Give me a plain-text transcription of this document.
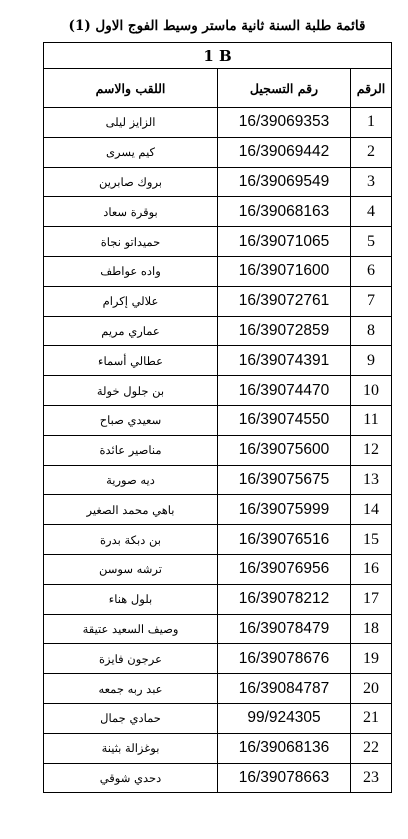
قائمة طلبة السنة ثانية ماستر وسيط الفوج الاول (1)
1 B		
الرقم	رقم التسجيل	اللقب والاسم
1	16/39069353	الزايز ليلى
2	16/39069442	كيم يسرى
3	16/39069549	بروك صابرين
4	16/39068163	بوقرة سعاد
5	16/39071065	حميداتو نجاة
6	16/39071600	واده عواطف
7	16/39072761	علالي إكرام
8	16/39072859	عماري مريم
9	16/39074391	عطالي أسماء
10	16/39074470	بن جلول خولة
11	16/39074550	سعيدي صباح
12	16/39075600	مناصير عائدة
13	16/39075675	ديه صورية
14	16/39075999	باهي محمد الصغير
15	16/39076516	بن دبكة بدرة
16	16/39076956	ترشه سوسن
17	16/39078212	بلول هناء
18	16/39078479	وصيف السعيد عتيقة
19	16/39078676	عرجون فايزة
20	16/39084787	عبد ربه جمعه
21	99/924305	حمادي جمال
22	16/39068136	بوغزالة بثينة
23	16/39078663	دحدي شوقي
